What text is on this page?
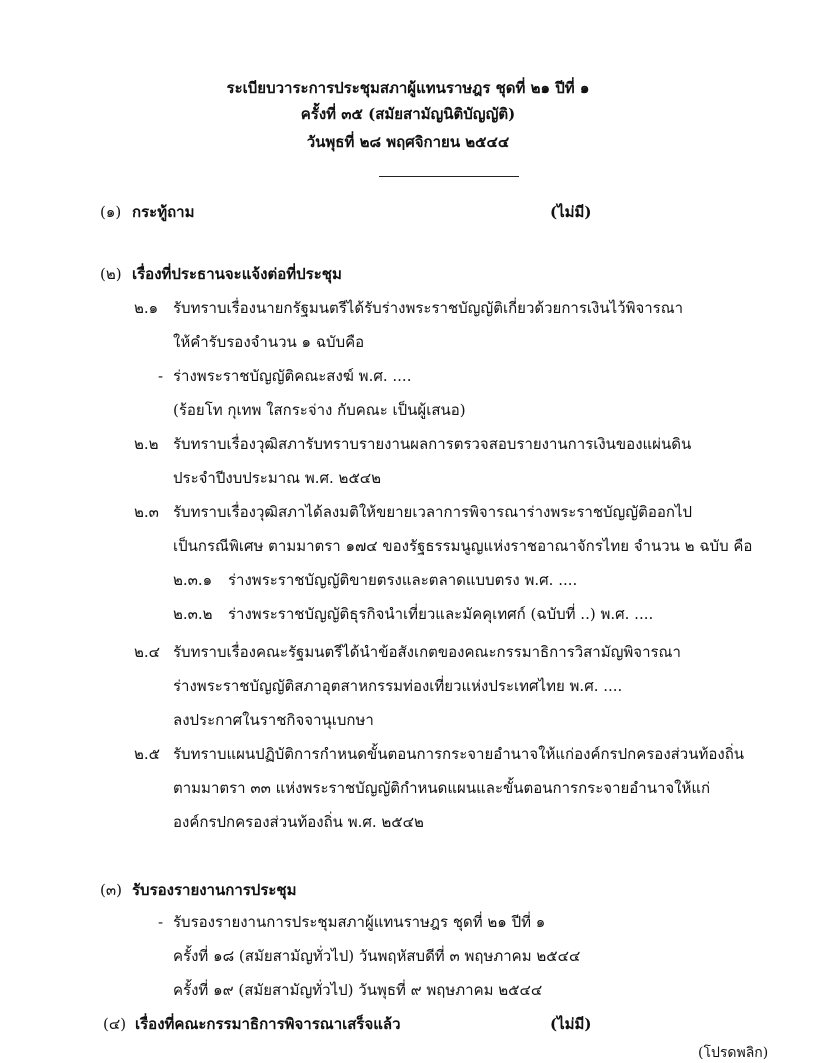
ระเบียบวาระการประชุมสภาผู้แทนราษฎร ชุดที่ ๒๑ ปีที่ ๑
ครั้งที่ ๓๕ (สมัยสามัญนิติบัญญัติ)
วันพุธที่ ๒๘ พฤศจิกายน ๒๕๔๔
(๑) กระทู้ถาม	(ไม่มี)
(๒) เรื่องที่ประธานจะแจ้งต่อที่ประชุม
๒.๑ รับทราบเรื่องนายกรัฐมนตรีได้รับร่างพระราชบัญญัติเกี่ยวด้วยการเงินไว้พิจารณา
ให้คำรับรองจำนวน ๑ ฉบับคือ
- ร่างพระราชบัญญัติคณะสงฆ์ พ.ศ. ....
(ร้อยโท กุเทพ ใสกระจ่าง กับคณะ เป็นผู้เสนอ)
๒.๒ รับทราบเรื่องวุฒิสภารับทราบรายงานผลการตรวจสอบรายงานการเงินของแผ่นดิน
ประจำปีงบประมาณ พ.ศ. ๒๕๔๒
๒.๓ รับทราบเรื่องวุฒิสภาได้ลงมติให้ขยายเวลาการพิจารณาร่างพระราชบัญญัติออกไป
เป็นกรณีพิเศษ ตามมาตรา ๑๗๔ ของรัฐธรรมนูญแห่งราชอาณาจักรไทย จำนวน ๒ ฉบับ คือ
๒.๓.๑ ร่างพระราชบัญญัติขายตรงและตลาดแบบตรง พ.ศ. ....
๒.๓.๒ ร่างพระราชบัญญัติธุรกิจนำเที่ยวและมัคคุเทศก์ (ฉบับที่ ..) พ.ศ. ....
๒.๔ รับทราบเรื่องคณะรัฐมนตรีได้นำข้อสังเกตของคณะกรรมาธิการวิสามัญพิจารณา
ร่างพระราชบัญญัติสภาอุตสาหกรรมท่องเที่ยวแห่งประเทศไทย พ.ศ. ....
ลงประกาศในราชกิจจานุเบกษา
๒.๕ รับทราบแผนปฏิบัติการกำหนดขั้นตอนการกระจายอำนาจให้แก่องค์กรปกครองส่วนท้องถิ่น
ตามมาตรา ๓๓ แห่งพระราชบัญญัติกำหนดแผนและขั้นตอนการกระจายอำนาจให้แก่
องค์กรปกครองส่วนท้องถิ่น พ.ศ. ๒๕๔๒
(๓) รับรองรายงานการประชุม
- รับรองรายงานการประชุมสภาผู้แทนราษฎร ชุดที่ ๒๑ ปีที่ ๑
ครั้งที่ ๑๘ (สมัยสามัญทั่วไป) วันพฤหัสบดีที่ ๓ พฤษภาคม ๒๕๔๔
ครั้งที่ ๑๙ (สมัยสามัญทั่วไป) วันพุธที่ ๙ พฤษภาคม ๒๕๔๔
(๔) เรื่องที่คณะกรรมาธิการพิจารณาเสร็จแล้ว	(ไม่มี)
(โปรดพลิก)
